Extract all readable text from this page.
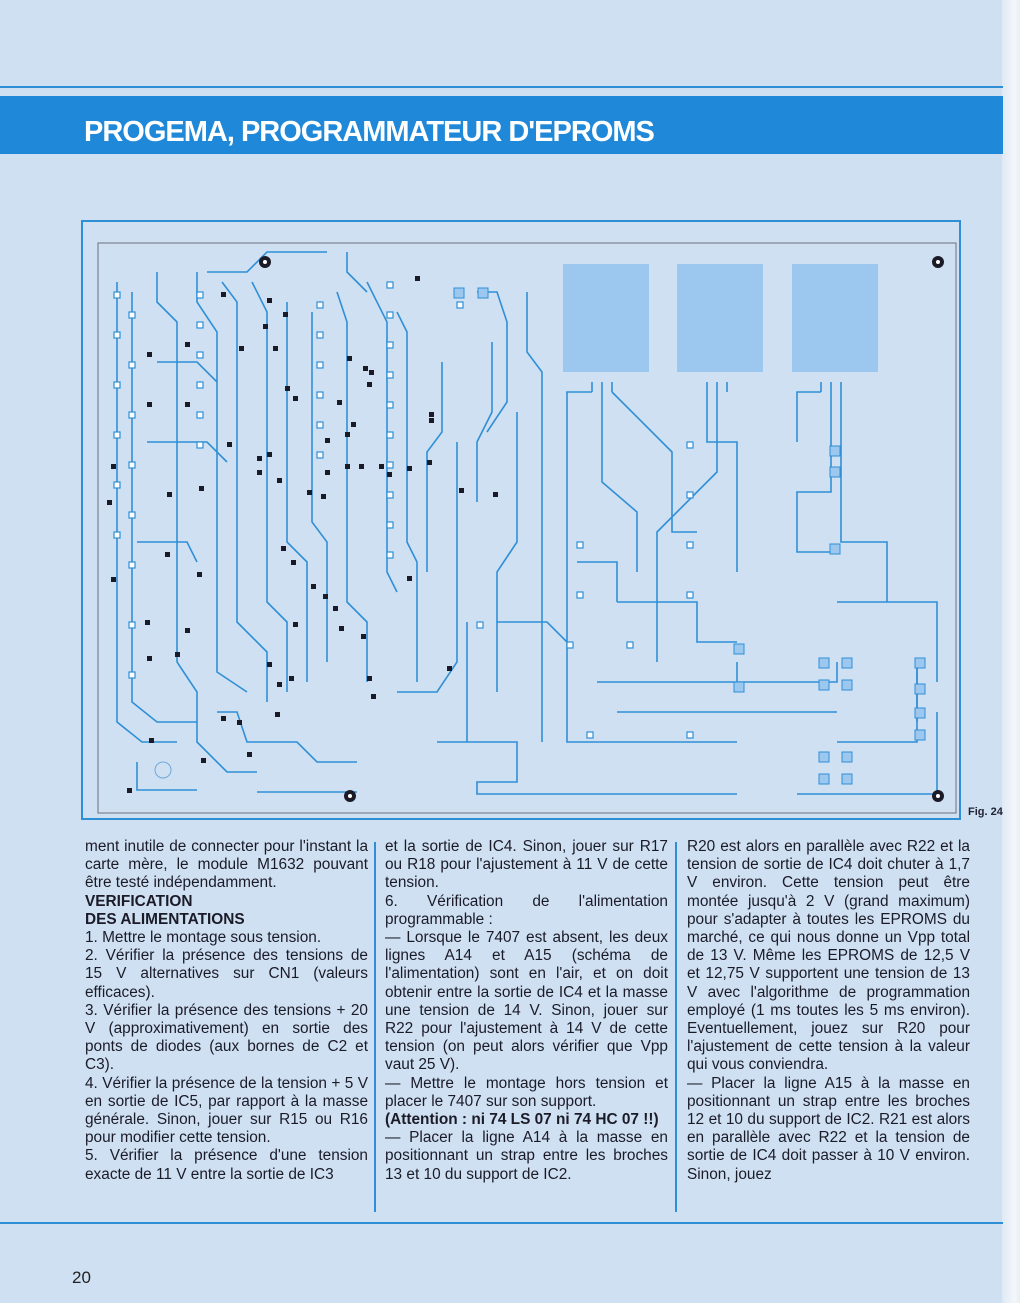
PROGEMA, PROGRAMMATEUR D'EPROMS
Fig. 24

ment inutile de connecter pour l'instant la carte mère, le module M1632 pouvant être testé indépendamment.

VERIFICATION

DES ALIMENTATIONS

1. Mettre le montage sous tension.

2. Vérifier la présence des tensions de 15 V alternatives sur CN1 (valeurs efficaces).

3. Vérifier la présence des tensions + 20 V (approximativement) en sortie des ponts de diodes (aux bornes de C2 et C3).

4. Vérifier la présence de la tension + 5 V en sortie de IC5, par rapport à la masse générale. Sinon, jouer sur R15 ou R16 pour modifier cette tension.

5. Vérifier la présence d'une tension exacte de 11 V entre la sortie de IC3

et la sortie de IC4. Sinon, jouer sur R17 ou R18 pour l'ajustement à 11 V de cette tension.

6. Vérification de l'alimentation programmable :

— Lorsque le 7407 est absent, les deux lignes A14 et A15 (schéma de l'alimentation) sont en l'air, et on doit obtenir entre la sortie de IC4 et la masse une tension de 14 V. Sinon, jouer sur R22 pour l'ajustement à 14 V de cette tension (on peut alors vérifier que Vpp vaut 25 V).

— Mettre le montage hors tension et placer le 7407 sur son support.

(Attention : ni 74 LS 07 ni 74 HC 07 !!)

— Placer la ligne A14 à la masse en positionnant un strap entre les broches 13 et 10 du support de IC2.

R20 est alors en parallèle avec R22 et la tension de sortie de IC4 doit chuter à 1,7 V environ. Cette tension peut être montée jusqu'à 2 V (grand maximum) pour s'adapter à toutes les EPROMS du marché, ce qui nous donne un Vpp total de 13 V. Même les EPROMS de 12,5 V et 12,75 V supportent une tension de 13 V avec l'algorithme de programmation employé (1 ms toutes les 5 ms environ). Eventuellement, jouez sur R20 pour l'ajustement de cette tension à la valeur qui vous conviendra.

— Placer la ligne A15 à la masse en positionnant un strap entre les broches 12 et 10 du support de IC2. R21 est alors en parallèle avec R22 et la tension de sortie de IC4 doit passer à 10 V environ. Sinon, jouez

20
